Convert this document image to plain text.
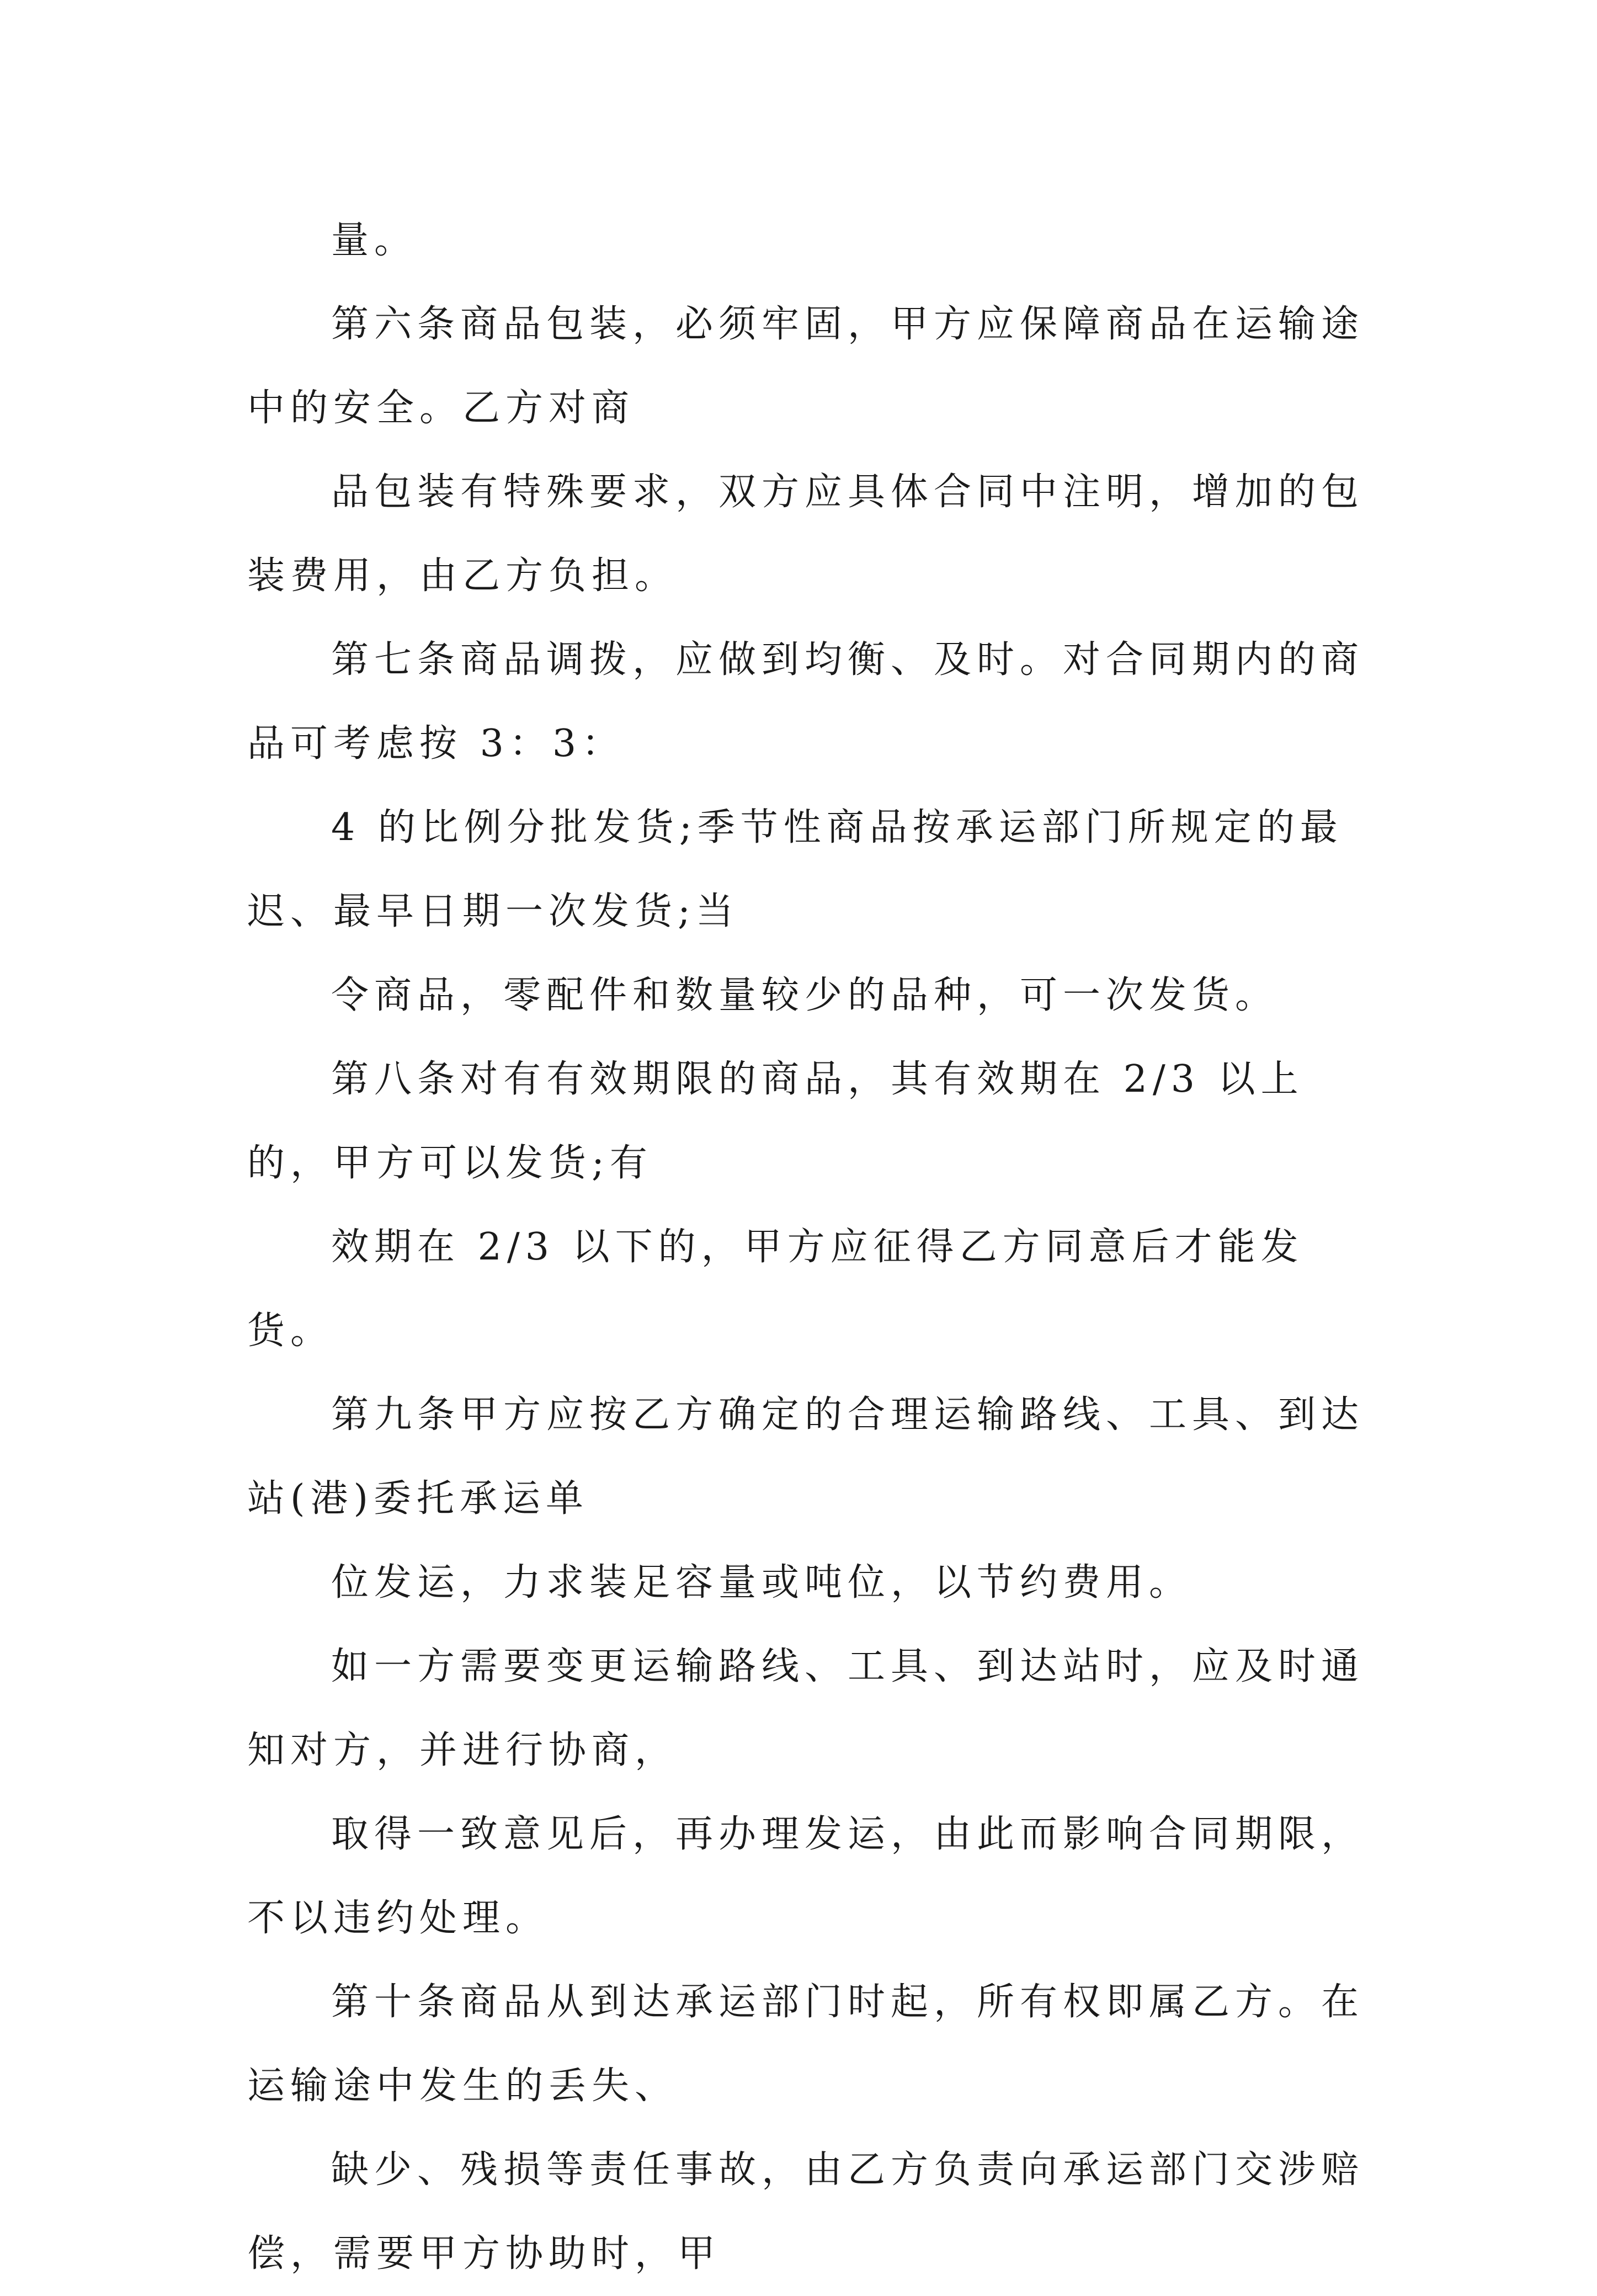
量。

第六条商品包装，必须牢固，甲方应保障商品在运输途中的安全。乙方对商

品包装有特殊要求，双方应具体合同中注明，增加的包装费用，由乙方负担。

第七条商品调拨，应做到均衡、及时。对合同期内的商品可考虑按 3：3：

4 的比例分批发货;季节性商品按承运部门所规定的最迟、最早日期一次发货;当

令商品，零配件和数量较少的品种，可一次发货。

第八条对有有效期限的商品，其有效期在 2/3 以上的，甲方可以发货;有

效期在 2/3 以下的，甲方应征得乙方同意后才能发货。

第九条甲方应按乙方确定的合理运输路线、工具、到达站(港)委托承运单

位发运，力求装足容量或吨位，以节约费用。

如一方需要变更运输路线、工具、到达站时，应及时通知对方，并进行协商，

取得一致意见后，再办理发运，由此而影响合同期限，不以违约处理。

第十条商品从到达承运部门时起，所有权即属乙方。在运输途中发生的丢失、

缺少、残损等责任事故，由乙方负责向承运部门交涉赔偿，需要甲方协助时，甲
